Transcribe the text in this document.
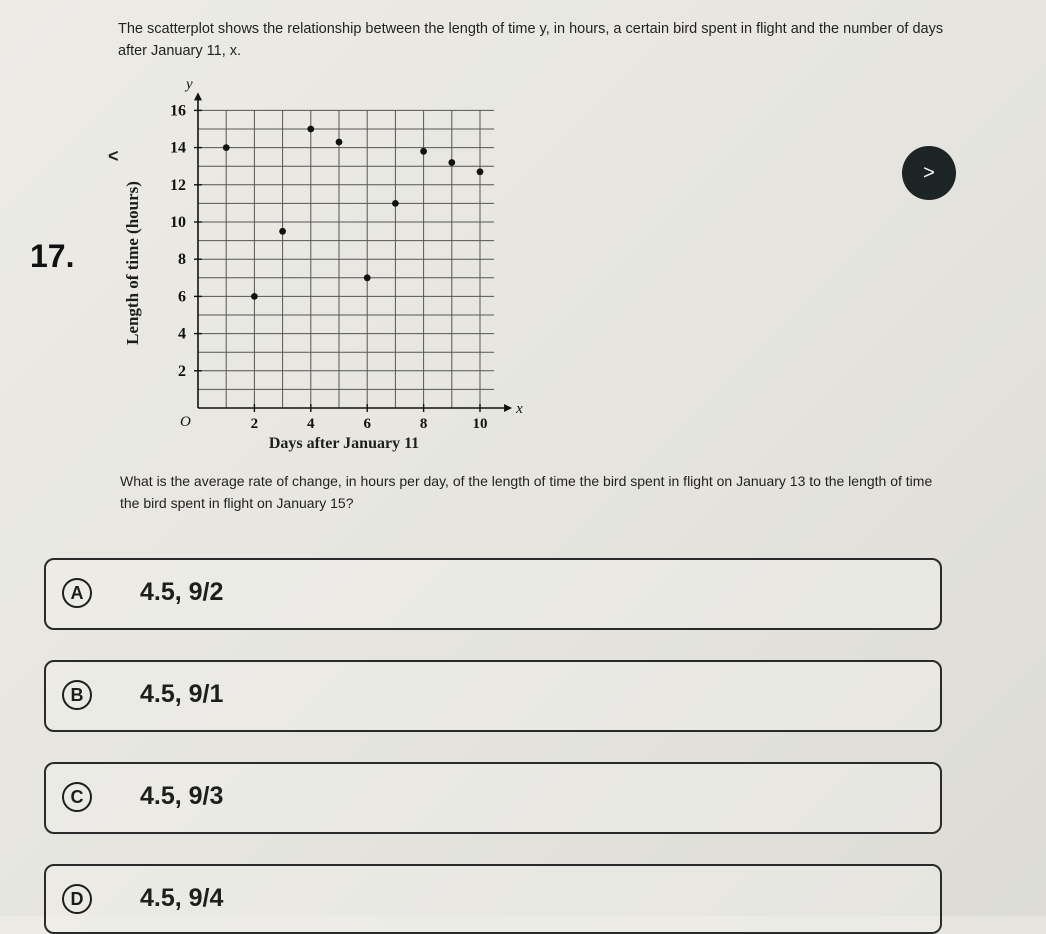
The scatterplot shows the relationship between the length of time y, in hours, a certain bird spent in flight and the number of days
after January 11, x.
17.
<
>
y
x
O	2	4	6	8	10
2
4
6
8
10
12
14
16
Length of time (hours)
Days after January 11
What is the average rate of change, in hours per day, of the length of time the bird spent in flight on January 13 to the length of time the bird spent in flight on January 15?
A	4.5, 9/2
B	4.5, 9/1
C	4.5, 9/3
D	4.5, 9/4
